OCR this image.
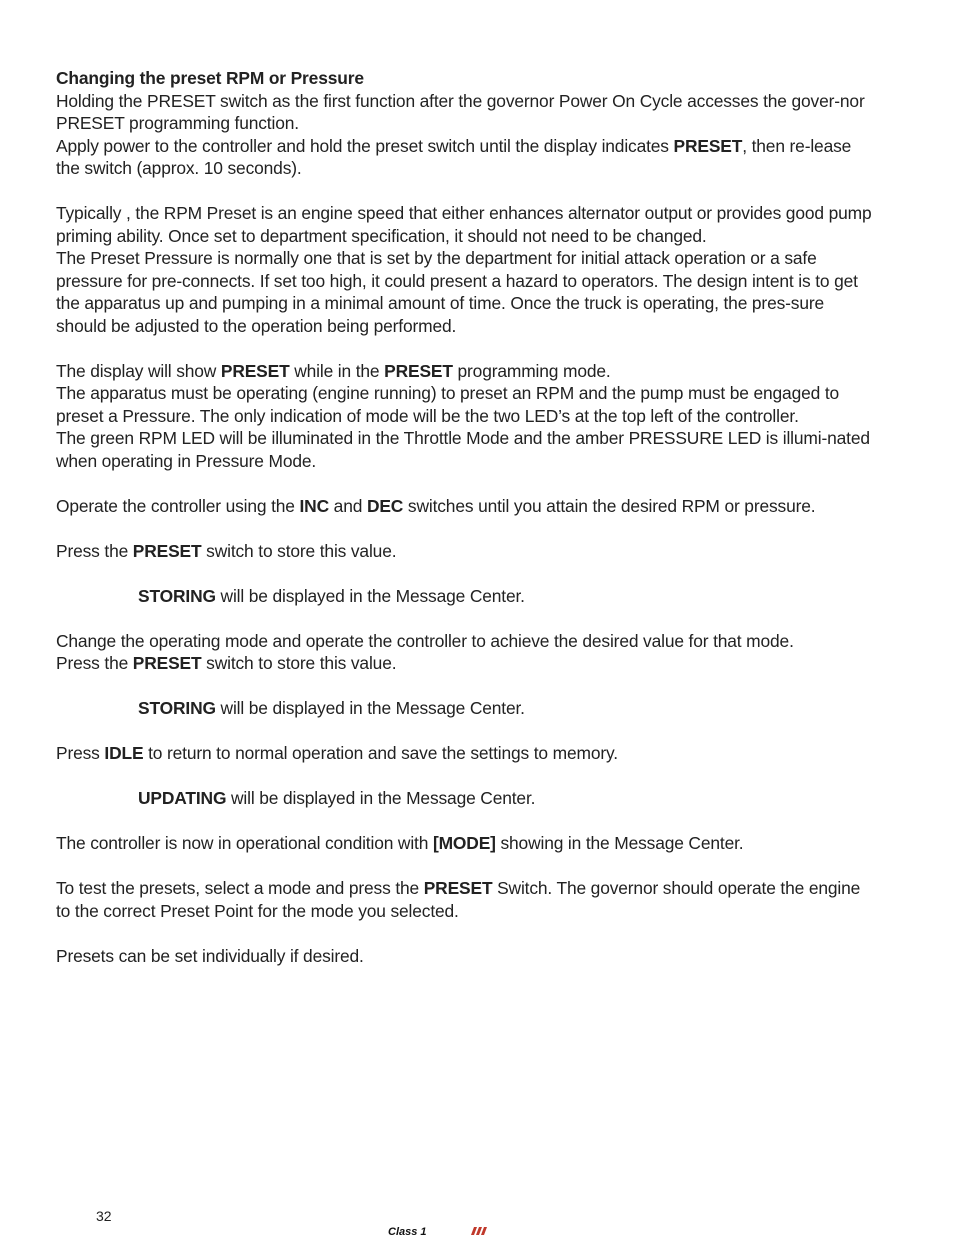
Changing the preset RPM or Pressure

Holding the PRESET switch as the first function after the governor Power On Cycle accesses the gover-nor PRESET programming function.

Apply power to the controller and hold the preset switch until the display indicates PRESET, then re-lease the switch (approx. 10 seconds).

Typically , the RPM Preset is an engine speed that either enhances alternator output or provides good pump priming ability. Once set to department specification, it should not need to be changed.

The Preset Pressure is normally one that is set by the department for initial attack operation or a safe pressure for pre-connects. If set too high, it could present a hazard to operators. The design intent is to get the apparatus up and pumping in a minimal amount of time. Once the truck is operating, the pres-sure should be adjusted to the operation being performed.

The display will show PRESET while in the PRESET programming mode.

The apparatus must be operating (engine running) to preset an RPM and the pump must be engaged to preset a Pressure. The only indication of mode will be the two LED’s at the top left of the controller.

The green RPM LED will be illuminated in the Throttle Mode and the amber PRESSURE LED is illumi-nated when operating in Pressure Mode.

Operate the controller using the INC and DEC switches until you attain the desired RPM or pressure.

Press the PRESET switch to store this value.

STORING will be displayed in the Message Center.

Change the operating mode and operate the controller to achieve the desired value for that mode.

Press the PRESET switch to store this value.

STORING will be displayed in the Message Center.

Press IDLE to return to normal operation and save the settings to memory.

UPDATING will be displayed in the Message Center.

The controller is now in operational condition with [MODE] showing in the Message Center.

To test the presets, select a mode and press the PRESET Switch. The governor should operate the engine to the correct Preset Point for the mode you selected.

Presets can be set individually if desired.

32
Class 1
